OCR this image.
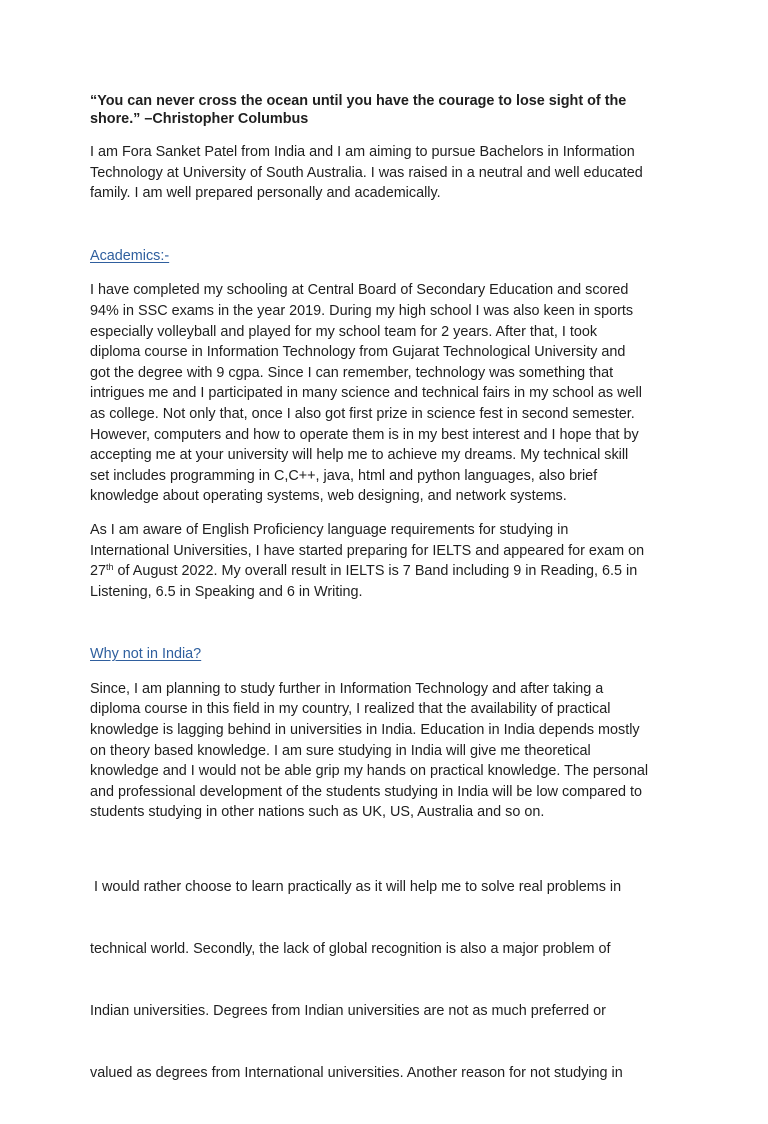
“You can never cross the ocean until you have the courage to lose sight of the
shore.” –Christopher Columbus

I am Fora Sanket Patel from India and I am aiming to pursue Bachelors in Information
Technology at University of South Australia. I was raised in a neutral and well educated
family. I am well prepared personally and academically.

Academics:-

I have completed my schooling at Central Board of Secondary Education and scored
94% in SSC exams in the year 2019. During my high school I was also keen in sports
especially volleyball and played for my school team for 2 years. After that, I took
diploma course in Information Technology from Gujarat Technological University and
got the degree with 9 cgpa. Since I can remember, technology was something that
intrigues me and I participated in many science and technical fairs in my school as well
as college. Not only that, once I also got first prize in science fest in second semester.
However, computers and how to operate them is in my best interest and I hope that by
accepting me at your university will help me to achieve my dreams. My technical skill
set includes programming in C,C++, java, html and python languages, also brief
knowledge about operating systems, web designing, and network systems.

As I am aware of English Proficiency language requirements for studying in
International Universities, I have started preparing for IELTS and appeared for exam on
27th of August 2022. My overall result in IELTS is 7 Band including 9 in Reading, 6.5 in
Listening, 6.5 in Speaking and 6 in Writing.

Why not in India?

Since, I am planning to study further in Information Technology and after taking a
diploma course in this field in my country, I realized that the availability of practical
knowledge is lagging behind in universities in India. Education in India depends mostly
on theory based knowledge. I am sure studying in India will give me theoretical
knowledge and I would not be able grip my hands on practical knowledge. The personal
and professional development of the students studying in India will be low compared to
students studying in other nations such as UK, US, Australia and so on.

I would rather choose to learn practically as it will help me to solve real problems in

technical world. Secondly, the lack of global recognition is also a major problem of

Indian universities. Degrees from Indian universities are not as much preferred or

valued as degrees from International universities. Another reason for not studying in
